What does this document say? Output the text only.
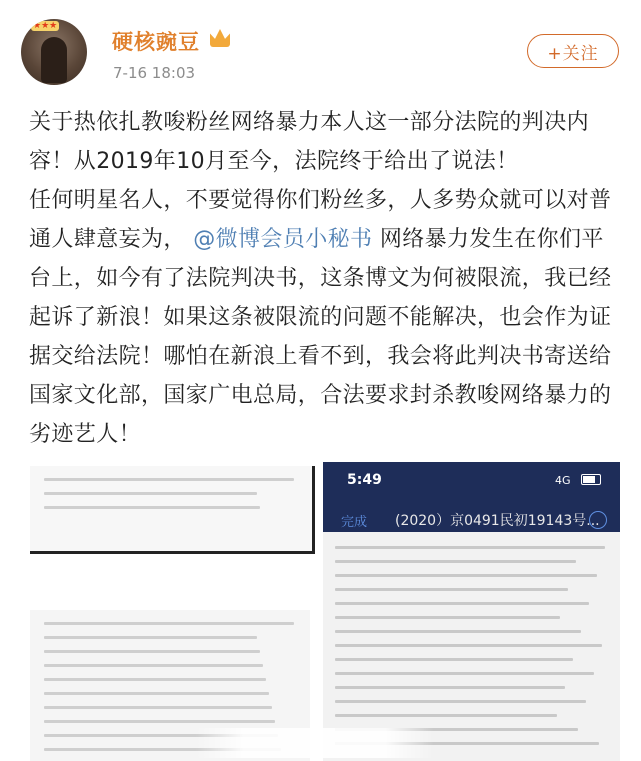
★★★
硬核豌豆
7-16 18:03
+关注
关于热依扎教唆粉丝网络暴力本人这一部分法院的判决内容！从2019年10月至今，法院终于给出了说法！
任何明星名人，不要觉得你们粉丝多，人多势众就可以对普通人肆意妄为， @微博会员小秘书 网络暴力发生在你们平台上，如今有了法院判决书，这条博文为何被限流，我已经起诉了新浪！如果这条被限流的问题不能解决，也会作为证据交给法院！哪怕在新浪上看不到，我会将此判决书寄送给国家文化部，国家广电总局，合法要求封杀教唆网络暴力的劣迹艺人！
5:49	4G
完成 (2020）京0491民初19143号...
